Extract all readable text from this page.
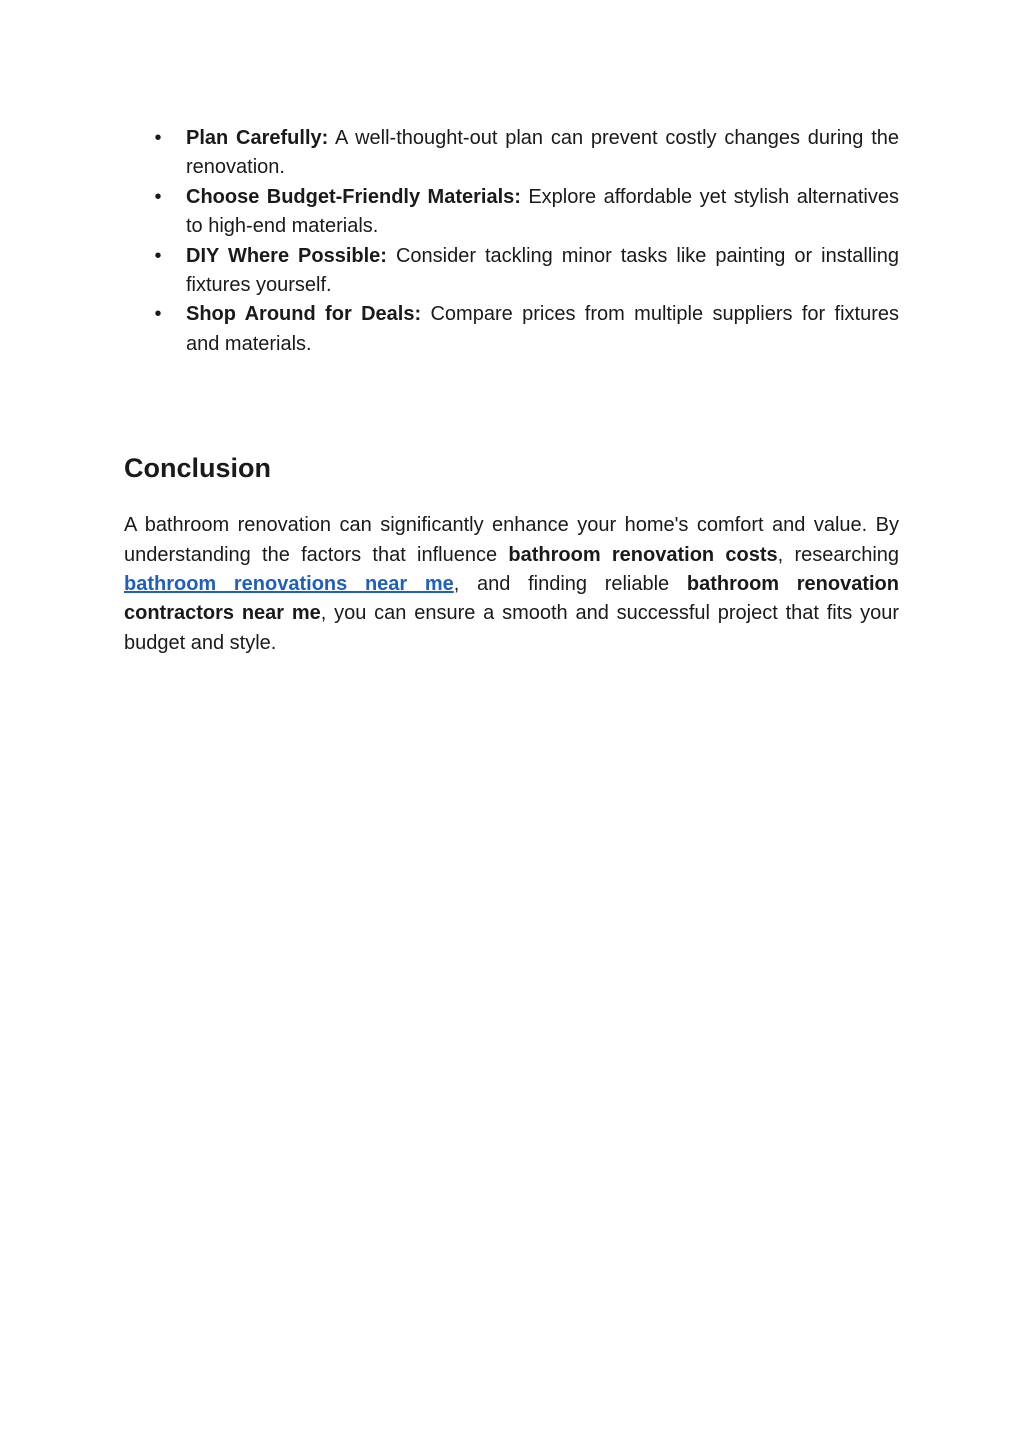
• Plan Carefully: A well-thought-out plan can prevent costly changes during the renovation.
• Choose Budget-Friendly Materials: Explore affordable yet stylish alternatives to high-end materials.
• DIY Where Possible: Consider tackling minor tasks like painting or installing fixtures yourself.
• Shop Around for Deals: Compare prices from multiple suppliers for fixtures and materials.
Conclusion

A bathroom renovation can significantly enhance your home's comfort and value. By understanding the factors that influence bathroom renovation costs, researching bathroom renovations near me, and finding reliable bathroom renovation contractors near me, you can ensure a smooth and successful project that fits your budget and style.
